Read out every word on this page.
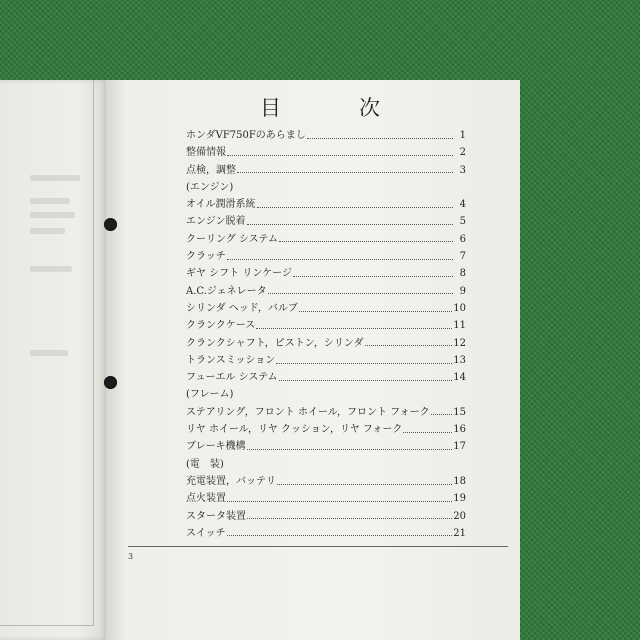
目	次
ホンダVF750Fのあらまし	1
整備情報	2
点検，調整	3
(エンジン)
オイル潤滑系統	4
エンジン脱着	5
クーリング システム	6
クラッチ	7
ギヤ シフト リンケージ	8
A.C.ジェネレータ	9
シリンダ ヘッド，バルブ	10
クランクケース	11
クランクシャフト，ピストン，シリンダ	12
トランスミッション	13
フューエル システム	14
(フレーム)
ステアリング，フロント ホイール，フロント フォーク 15
リヤ ホイール，リヤ クッション，リヤ フォーク	16
ブレーキ機構	17
(電　装)
充電装置，バッテリ	18
点火装置	19
スタータ装置	20
スイッチ	21
3
